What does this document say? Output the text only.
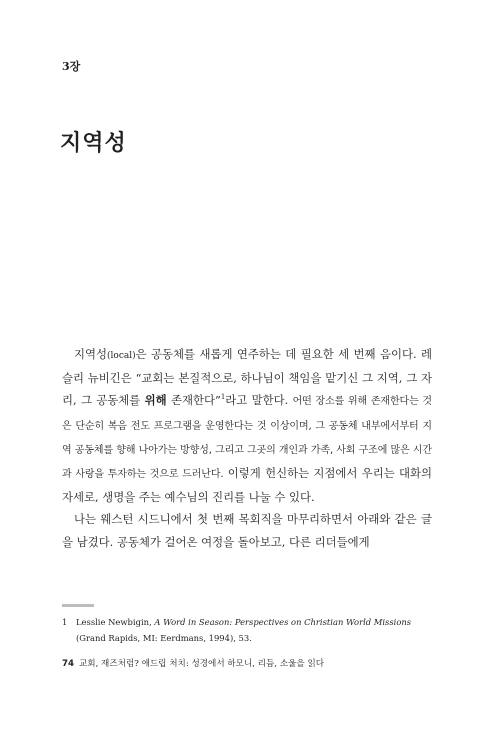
3장
지역성

지역성(local)은 공동체를 새롭게 연주하는 데 필요한 세 번째 음이다. 레슬리 뉴비긴은 “교회는 본질적으로, 하나님이 책임을 맡기신 그 지역, 그 자리, 그 공동체를 위해 존재한다”$^1$라고 말한다. 어떤 장소를 위해 존재한다는 것은 단순히 복음 전도 프로그램을 운영한다는 것 이상이며, 그 공동체 내부에서부터 지역 공동체를 향해 나아가는 방향성, 그리고 그곳의 개인과 가족, 사회 구조에 많은 시간과 사랑을 투자하는 것으로 드러난다. 이렇게 헌신하는 지점에서 우리는 대화의 자세로, 생명을 주는 예수님의 진리를 나눌 수 있다.

나는 웨스턴 시드니에서 첫 번째 목회직을 마무리하면서 아래와 같은 글을 남겼다. 공동체가 걸어온 여정을 돌아보고, 다른 리더들에게

1 Lesslie Newbigin, A Word in Season: Perspectives on Christian World Missions
(Grand Rapids, MI: Eerdmans, 1994), 53.
74 교회, 재즈처럼? 애드립 처치: 성경에서 하모니, 리듬, 소울을 읽다
